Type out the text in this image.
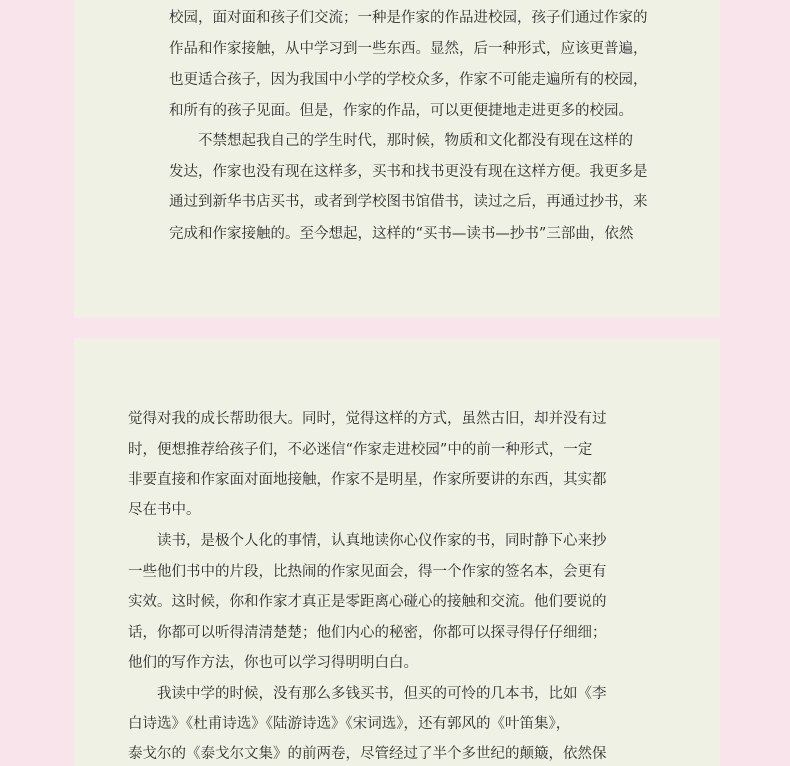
校园，面对面和孩子们交流；一种是作家的作品进校园，孩子们通过作家的

作品和作家接触，从中学习到一些东西。显然，后一种形式，应该更普遍，

也更适合孩子，因为我国中小学的学校众多，作家不可能走遍所有的校园，

和所有的孩子见面。但是，作家的作品，可以更便捷地走进更多的校园。

　　不禁想起我自己的学生时代，那时候，物质和文化都没有现在这样的

发达，作家也没有现在这样多，买书和找书更没有现在这样方便。我更多是

通过到新华书店买书，或者到学校图书馆借书，读过之后，再通过抄书，来

完成和作家接触的。至今想起，这样的“买书—读书—抄书”三部曲，依然

觉得对我的成长帮助很大。同时，觉得这样的方式，虽然古旧，却并没有过

时，便想推荐给孩子们，不必迷信“作家走进校园”中的前一种形式，一定

非要直接和作家面对面地接触，作家不是明星，作家所要讲的东西，其实都

尽在书中。

　　读书，是极个人化的事情，认真地读你心仪作家的书，同时静下心来抄

一些他们书中的片段，比热闹的作家见面会，得一个作家的签名本，会更有

实效。这时候，你和作家才真正是零距离心碰心的接触和交流。他们要说的

话，你都可以听得清清楚楚；他们内心的秘密，你都可以探寻得仔仔细细；

他们的写作方法，你也可以学习得明明白白。

　　我读中学的时候，没有那么多钱买书，但买的可怜的几本书，比如《李

白诗选》《杜甫诗选》《陆游诗选》《宋词选》，还有郭风的《叶笛集》，

泰戈尔的《泰戈尔文集》的前两卷，尽管经过了半个多世纪的颠簸，依然保
